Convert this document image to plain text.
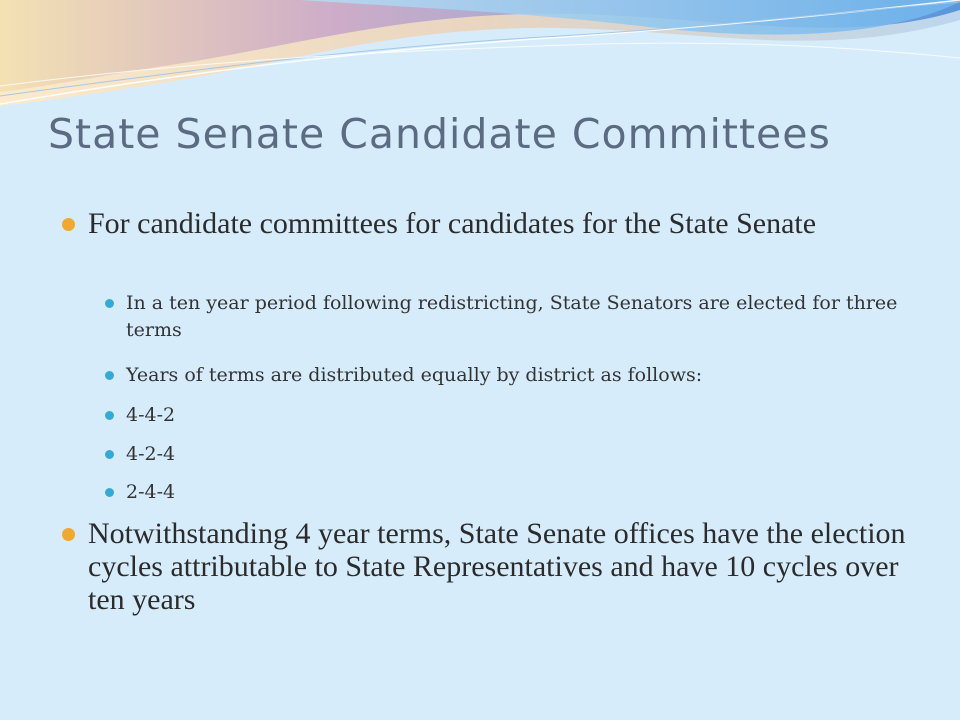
State Senate Candidate Committees

For candidate committees for candidates for the State Senate

In a ten year period following redistricting, State Senators are elected for three terms

Years of terms are distributed equally by district as follows:

4-4-2

4-2-4

2-4-4

Notwithstanding 4 year terms, State Senate offices have the election cycles attributable to State Representatives and have 10 cycles over ten years
